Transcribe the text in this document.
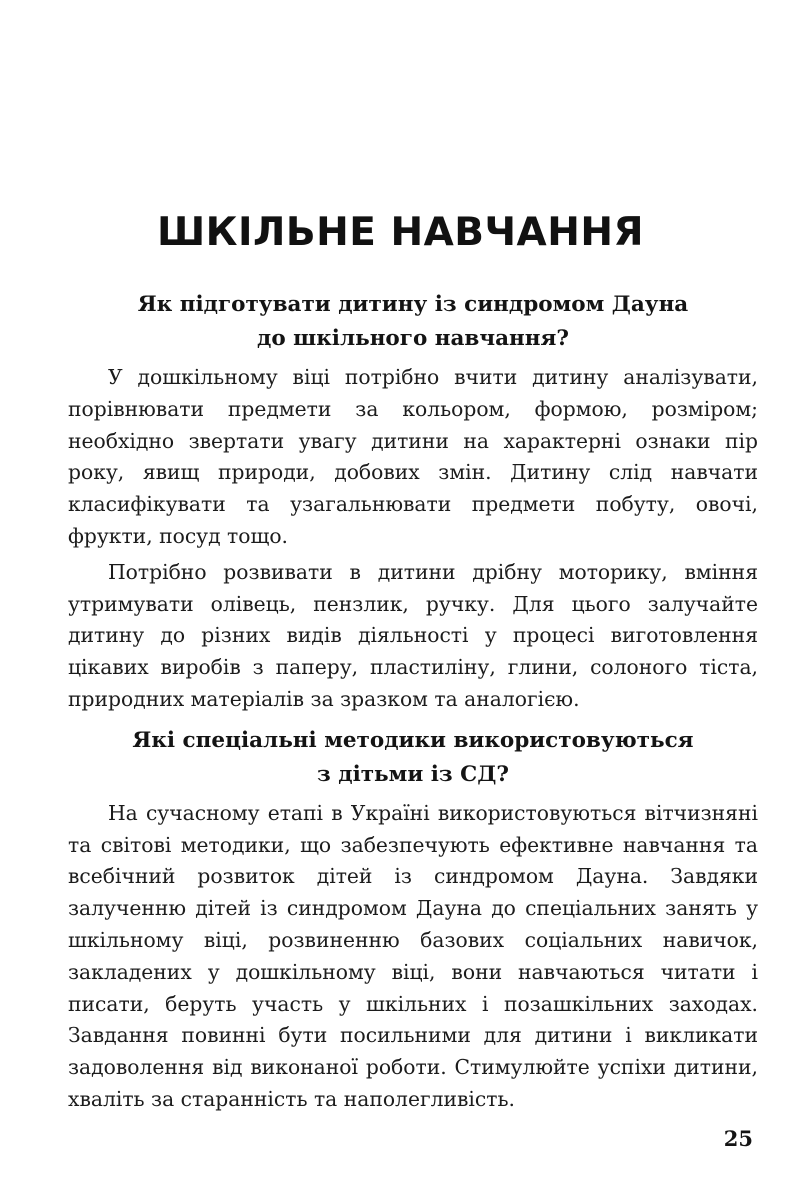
ШКІЛЬНЕ НАВЧАННЯ
Як підготувати дитину із синдромом Дауна
до шкільного навчання?

У дошкільному віці потрібно вчити дитину аналізувати, порівнювати предмети за кольором, формою, розміром; необхідно звертати увагу дитини на характерні ознаки пір року, явищ природи, добових змін. Дитину слід навчати класифікувати та узагальнювати предмети побуту, овочі, фрукти, посуд тощо.

Потрібно розвивати в дитини дрібну моторику, вміння утримувати олівець, пензлик, ручку. Для цього залучайте дитину до різних видів діяльності у процесі виготовлення цікавих виробів з паперу, пластиліну, глини, солоного тіста, природних матеріалів за зразком та аналогією.

Які спеціальні методики використовуються
з дітьми із СД?

На сучасному етапі в Україні використовуються вітчизняні та світові методики, що забезпечують ефективне навчання та всебічний розвиток дітей із синдромом Дауна. Завдяки залученню дітей із синдромом Дауна до спеціальних занять у шкільному віці, розвиненню базових соціальних навичок, закладених у дошкільному віці, вони навчаються читати і писати, беруть участь у шкільних і позашкільних заходах. Завдання повинні бути посильними для дитини і викликати задоволення від виконаної роботи. Стимулюйте успіхи дитини, хваліть за старанність та наполегливість.

25
